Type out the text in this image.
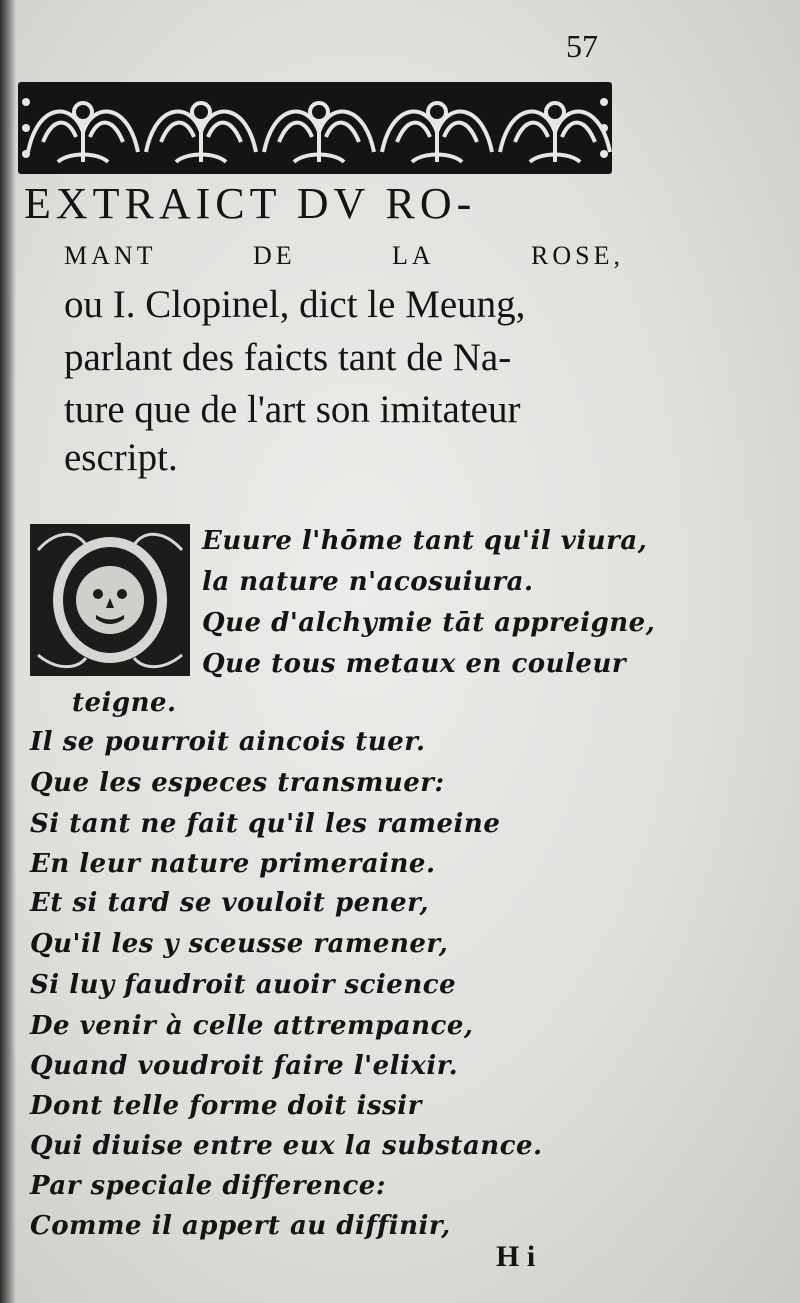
57
EXTRAICT DV RO-
MANT	DE	LA	ROSE,
ou I. Clopinel, dict le Meung,
parlant des faicts tant de Na-
ture que de l'art son imitateur
escript.
Euure l'hōme tant qu'il viura,
la nature n'acosuiura.
Que d'alchymie tāt appreigne,
Que tous metaux en couleur
teigne.
Il se pourroit aincois tuer.
Que les especes transmuer:
Si tant ne fait qu'il les rameine
En leur nature primeraine.
Et si tard se vouloit pener,
Qu'il les y sceusse ramener,
Si luy faudroit auoir science
De venir à celle attrempance,
Quand voudroit faire l'elixir.
Dont telle forme doit issir
Qui diuise entre eux la substance.
Par speciale difference:
Comme il appert au diffinir,
H i
